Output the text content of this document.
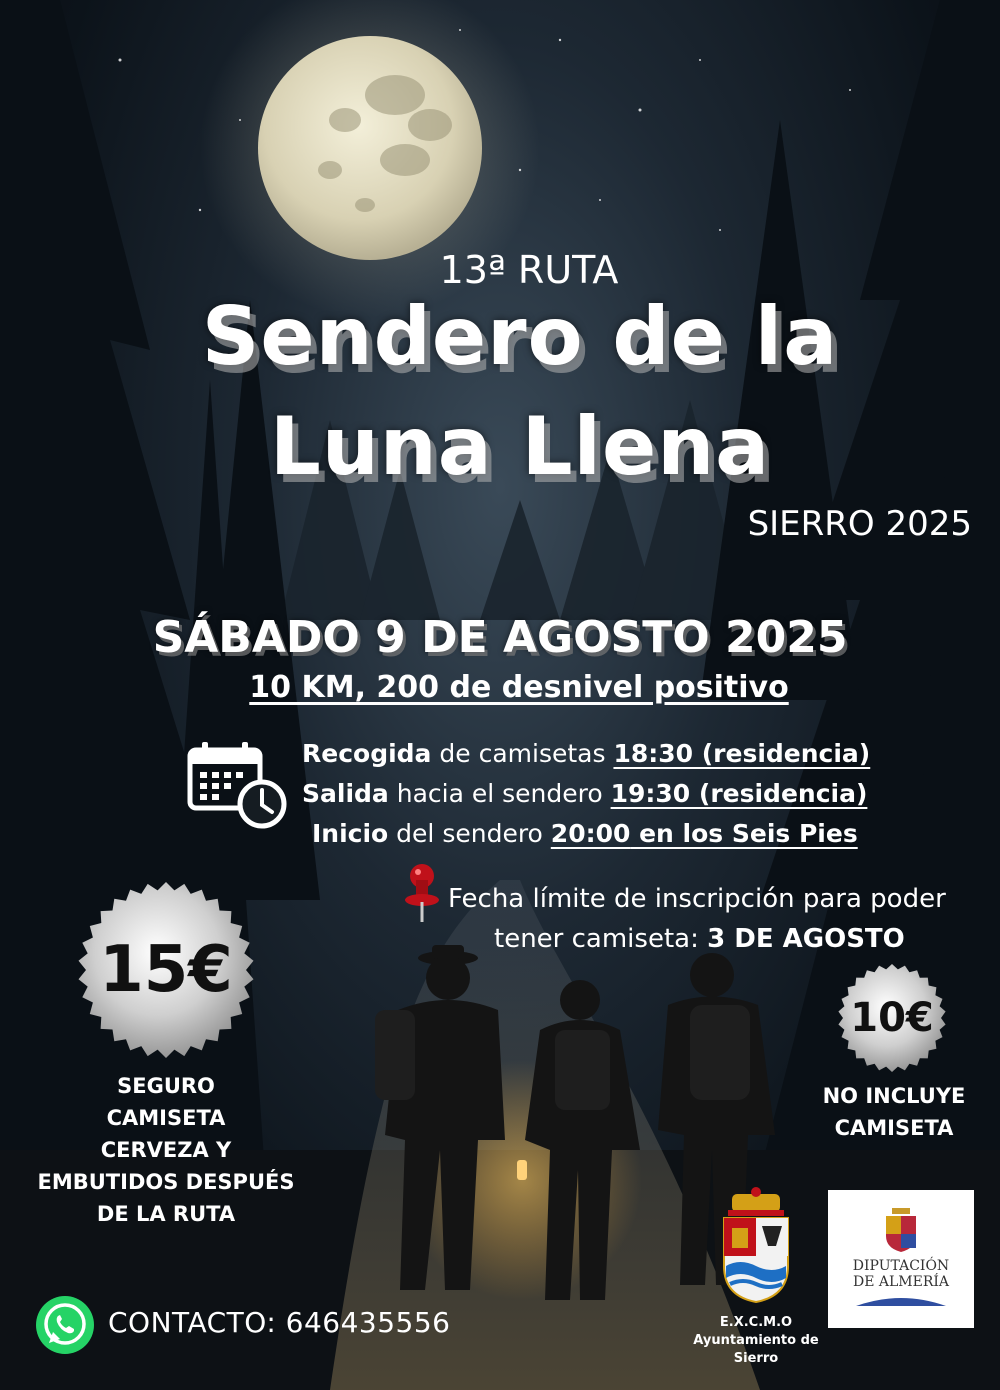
13ª RUTA
Sendero de la
Luna Llena
SIERRO 2025
SÁBADO 9 DE AGOSTO 2025
10 KM, 200 de desnivel positivo
Recogida de camisetas 18:30 (residencia)
Salida hacia el sendero 19:30 (residencia)
Inicio del sendero 20:00 en los Seis Pies
Fecha límite de inscripción para poder
tener camiseta: 3 DE AGOSTO
15€
SEGURO
CAMISETA
CERVEZA Y
EMBUTIDOS DESPUÉS
DE LA RUTA
10€
NO INCLUYE
CAMISETA
CONTACTO: 646435556	E.X.C.M.O
Ayuntamiento de
Sierro
DIPUTACIÓN
DE ALMERÍA
